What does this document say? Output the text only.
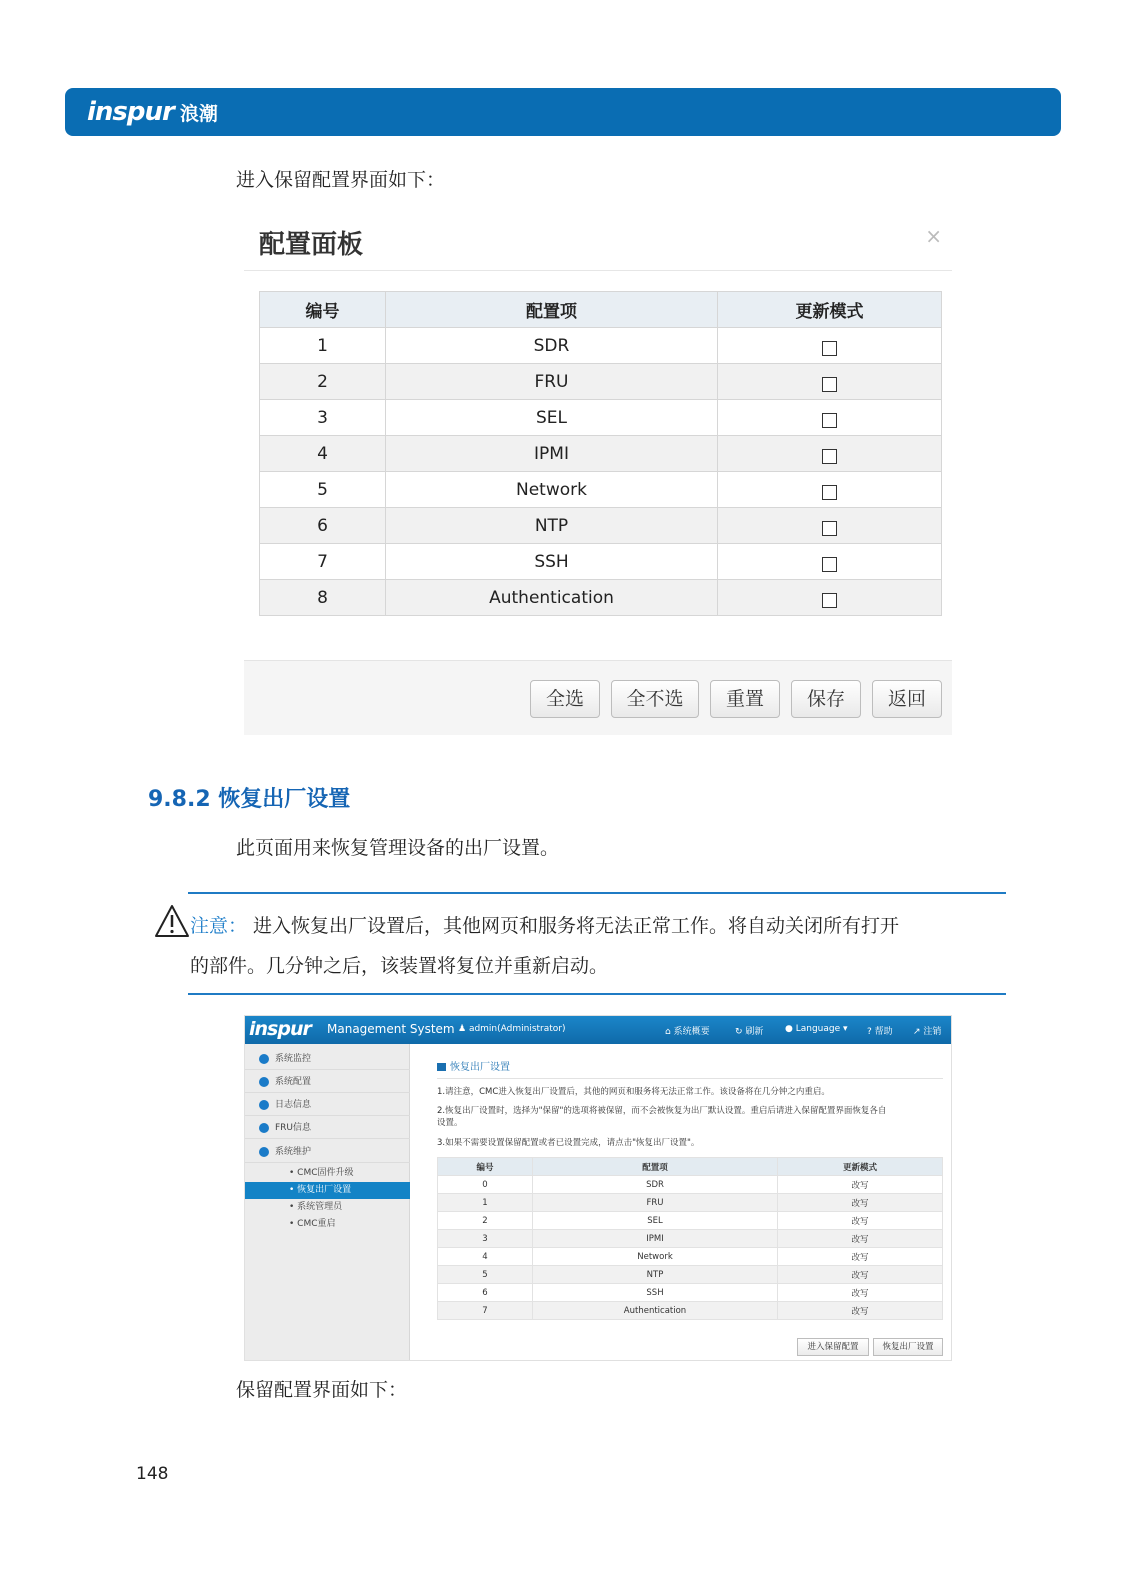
inspur 浪潮
进入保留配置界面如下：
配置面板	×
编号	配置项	更新模式
1	SDR	
2	FRU	
3	SEL	
4	IPMI	
5	Network	
6	NTP	
7	SSH	
8	Authentication	
全选	全不选	重置	保存	返回
9.8.2 恢复出厂设置
此页面用来恢复管理设备的出厂设置。
注意： 进入恢复出厂设置后，其他网页和服务将无法正常工作。将自动关闭所有打开
的部件。几分钟之后，该装置将复位并重新启动。
inspur Management System ♟ admin(Administrator)	⌂ 系统概要	↻ 刷新 ● Language ▾ ? 帮助 ↗ 注销
系统监控
系统配置
日志信息
FRU信息
系统维护
• CMC固件升级
• 恢复出厂设置
• 系统管理员
• CMC重启
恢复出厂设置
1.请注意，CMC进入恢复出厂设置后，其他的网页和服务将无法正常工作。该设备将在几分钟之内重启。
2.恢复出厂设置时，选择为"保留"的选项将被保留，而不会被恢复为出厂默认设置。重启后请进入保留配置界面恢复各自
设置。
3.如果不需要设置保留配置或者已设置完成，请点击"恢复出厂设置"。
编号	配置项	更新模式
0	SDR	改写
1	FRU	改写
2	SEL	改写
3	IPMI	改写
4	Network	改写
5	NTP	改写
6	SSH	改写
7	Authentication	改写
进入保留配置	恢复出厂设置
保留配置界面如下：
148
